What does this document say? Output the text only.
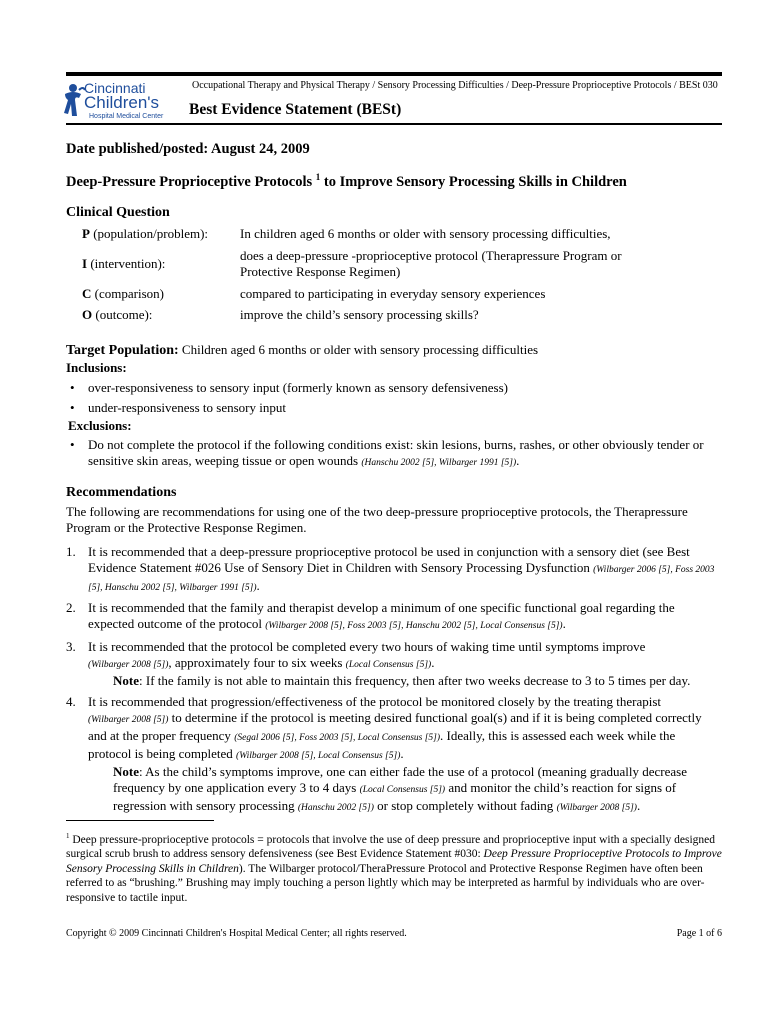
Cincinnati
Children's
Hospital Medical Center
Occupational Therapy and Physical Therapy / Sensory Processing Difficulties / Deep-Pressure Proprioceptive Protocols / BESt 030
Best Evidence Statement (BESt)
Date published/posted: August 24, 2009
Deep-Pressure Proprioceptive Protocols $^1$ to Improve Sensory Processing Skills in Children
Clinical Question
P (population/problem):	In children aged 6 months or older with sensory processing difficulties,
I (intervention):
does a deep-pressure -proprioceptive protocol (Therapressure Program or Protective Response Regimen)
C (comparison)	compared to participating in everyday sensory experiences
O (outcome):	improve the child’s sensory processing skills?
Target Population: Children aged 6 months or older with sensory processing difficulties
Inclusions:
• over-responsiveness to sensory input (formerly known as sensory defensiveness)
• under-responsiveness to sensory input
Exclusions:
• Do not complete the protocol if the following conditions exist: skin lesions, burns, rashes, or other obviously tender or sensitive skin areas, weeping tissue or open wounds (Hanschu 2002 [5], Wilbarger 1991 [5]).
Recommendations
The following are recommendations for using one of the two deep-pressure proprioceptive protocols, the Therapressure Program or the Protective Response Regimen.
1. It is recommended that a deep-pressure proprioceptive protocol be used in conjunction with a sensory diet (see Best Evidence Statement #026 Use of Sensory Diet in Children with Sensory Processing Dysfunction (Wilbarger 2006 [5], Foss 2003 [5], Hanschu 2002 [5], Wilbarger 1991 [5]).
2. It is recommended that the family and therapist develop a minimum of one specific functional goal regarding the expected outcome of the protocol (Wilbarger 2008 [5], Foss 2003 [5], Hanschu 2002 [5], Local Consensus [5]).
3. It is recommended that the protocol be completed every two hours of waking time until symptoms improve
(Wilbarger 2008 [5]), approximately four to six weeks (Local Consensus [5]).
Note: If the family is not able to maintain this frequency, then after two weeks decrease to 3 to 5 times per day.
4. It is recommended that progression/effectiveness of the protocol be monitored closely by the treating therapist
(Wilbarger 2008 [5]) to determine if the protocol is meeting desired functional goal(s) and if it is being completed correctly and at the proper frequency (Segal 2006 [5], Foss 2003 [5], Local Consensus [5]). Ideally, this is assessed each week while the protocol is being completed (Wilbarger 2008 [5], Local Consensus [5]).
Note: As the child’s symptoms improve, one can either fade the use of a protocol (meaning gradually decrease frequency by one application every 3 to 4 days (Local Consensus [5]) and monitor the child’s reaction for signs of regression with sensory processing (Hanschu 2002 [5]) or stop completely without fading (Wilbarger 2008 [5]).
$^1$ Deep pressure-proprioceptive protocols = protocols that involve the use of deep pressure and proprioceptive input with a specially designed surgical scrub brush to address sensory defensiveness (see Best Evidence Statement #030: Deep Pressure Proprioceptive Protocols to Improve Sensory Processing Skills in Children). The Wilbarger protocol/TheraPressure Protocol and Protective Response Regimen have often been referred to as “brushing.” Brushing may imply touching a person lightly which may be interpreted as harmful by individuals who are over-responsive to tactile input.
Copyright © 2009 Cincinnati Children's Hospital Medical Center; all rights reserved.	Page 1 of 6
